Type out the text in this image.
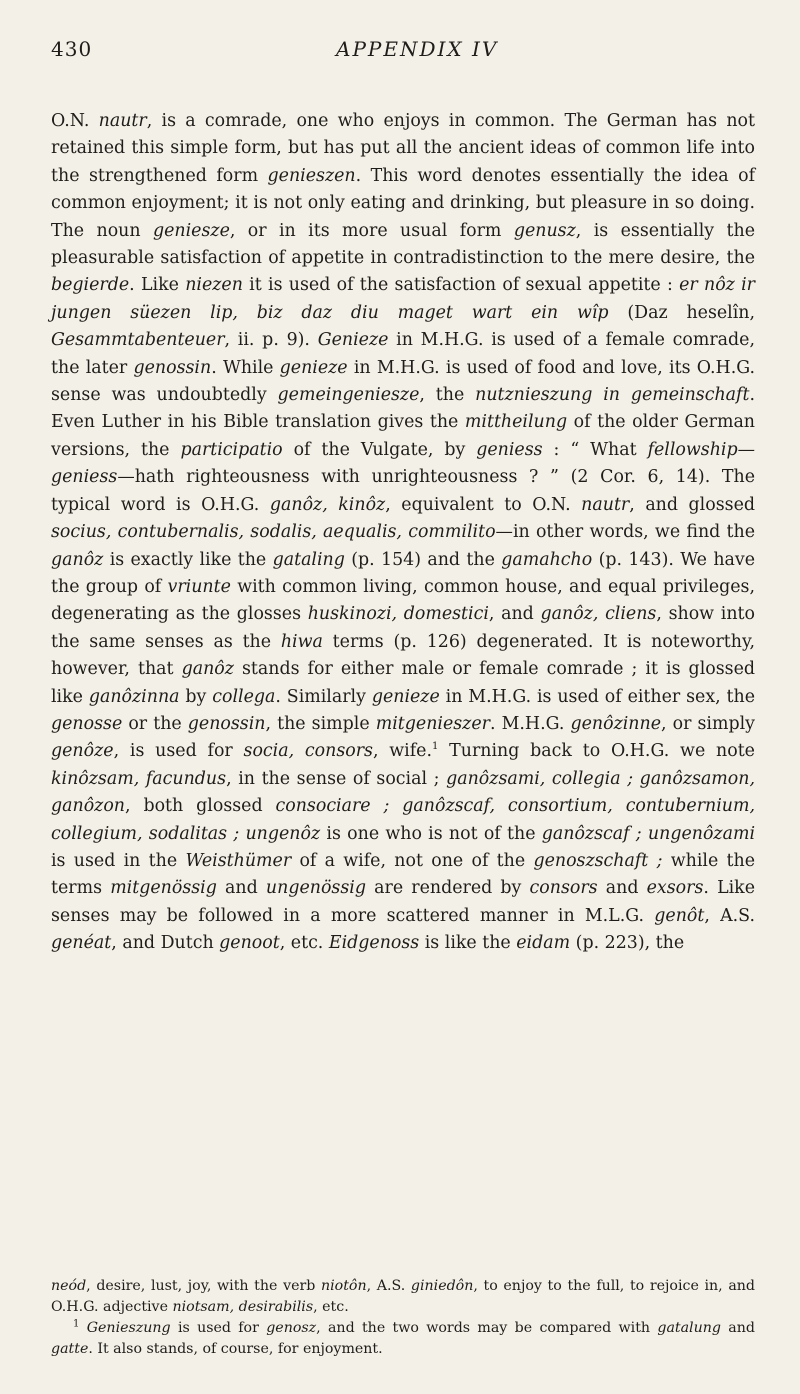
430	APPENDIX IV

O.N. nautr, is a comrade, one who enjoys in common. The German has not retained this simple form, but has put all the ancient ideas of common life into the strengthened form genieszen. This word denotes essentially the idea of common enjoyment; it is not only eating and drinking, but pleasure in so doing. The noun geniesze, or in its more usual form genusz, is essentially the pleasurable satisfaction of appetite in contradistinction to the mere desire, the begierde. Like niezen it is used of the satisfaction of sexual appetite : er nôz ir jungen süezen lip, biz daz diu maget wart ein wîp (Daz heselîn, Gesammtabenteuer, ii. p. 9). Genieze in M.H.G. is used of a female comrade, the later genossin. While genieze in M.H.G. is used of food and love, its O.H.G. sense was undoubtedly gemeingeniesze, the nutznieszung in gemeinschaft. Even Luther in his Bible translation gives the mittheilung of the older German versions, the participatio of the Vulgate, by geniess : “ What fellowship—geniess—hath righteousness with unrighteousness ? ” (2 Cor. 6, 14). The typical word is O.H.G. ganôz, kinôz, equivalent to O.N. nautr, and glossed socius, contubernalis, sodalis, aequalis, commilito—in other words, we find the ganôz is exactly like the gataling (p. 154) and the gamahcho (p. 143). We have the group of vriunte with common living, common house, and equal privileges, degenerating as the glosses huskinozi, domestici, and ganôz, cliens, show into the same senses as the hiwa terms (p. 126) degenerated. It is noteworthy, however, that ganôz stands for either male or female comrade ; it is glossed like ganôzinna by collega. Similarly genieze in M.H.G. is used of either sex, the genosse or the genossin, the simple mitgenieszer. M.H.G. genôzinne, or simply genôze, is used for socia, consors, wife.$^1$ Turning back to O.H.G. we note kinôzsam, facundus, in the sense of social ; ganôzsami, collegia ; ganôzsamon, ganôzon, both glossed consociare ; ganôzscaf, consortium, contubernium, collegium, sodalitas ; ungenôz is one who is not of the ganôzscaf ; ungenôzami is used in the Weisthümer of a wife, not one of the genoszschaft ; while the terms mitgenössig and ungenössig are rendered by consors and exsors. Like senses may be followed in a more scattered manner in M.L.G. genôt, A.S. genéat, and Dutch genoot, etc. Eidgenoss is like the eidam (p. 223), the

neód, desire, lust, joy, with the verb niotôn, A.S. giniedôn, to enjoy to the full, to rejoice in, and O.H.G. adjective niotsam, desirabilis, etc.

$^1$ Genieszung is used for genosz, and the two words may be compared with gatalung and gatte. It also stands, of course, for enjoyment.
